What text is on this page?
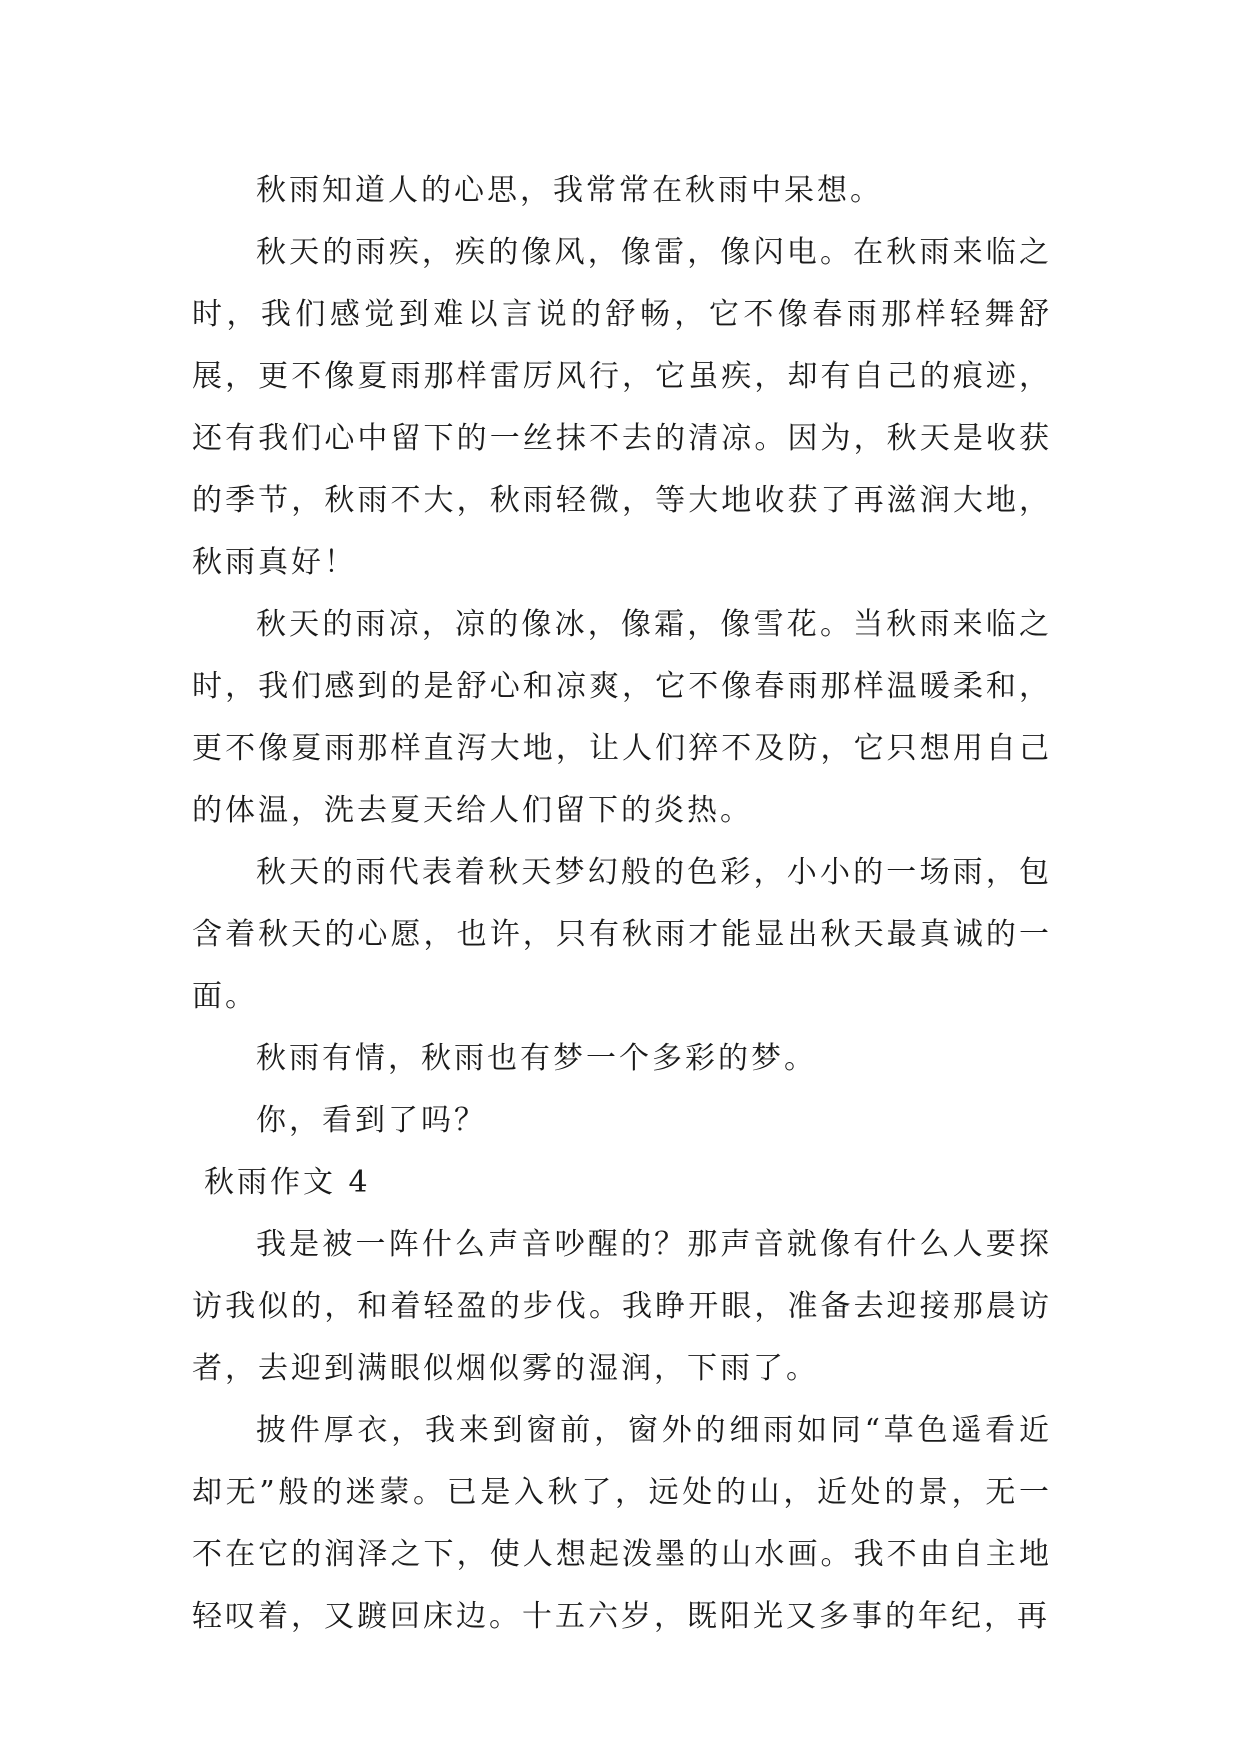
秋雨知道人的心思，我常常在秋雨中呆想。

秋天的雨疾，疾的像风，像雷，像闪电。在秋雨来临之时，我们感觉到难以言说的舒畅，它不像春雨那样轻舞舒展，更不像夏雨那样雷厉风行，它虽疾，却有自己的痕迹，还有我们心中留下的一丝抹不去的清凉。因为，秋天是收获的季节，秋雨不大，秋雨轻微，等大地收获了再滋润大地，秋雨真好！

秋天的雨凉，凉的像冰，像霜，像雪花。当秋雨来临之时，我们感到的是舒心和凉爽，它不像春雨那样温暖柔和，更不像夏雨那样直泻大地，让人们猝不及防，它只想用自己的体温，洗去夏天给人们留下的炎热。

秋天的雨代表着秋天梦幻般的色彩，小小的一场雨，包含着秋天的心愿，也许，只有秋雨才能显出秋天最真诚的一面。

秋雨有情，秋雨也有梦一个多彩的梦。

你，看到了吗？

秋雨作文 4

我是被一阵什么声音吵醒的？那声音就像有什么人要探访我似的，和着轻盈的步伐。我睁开眼，准备去迎接那晨访者，去迎到满眼似烟似雾的湿润，下雨了。

披件厚衣，我来到窗前，窗外的细雨如同“草色遥看近却无”般的迷蒙。已是入秋了，远处的山，近处的景，无一不在它的润泽之下，使人想起泼墨的山水画。我不由自主地轻叹着，又踱回床边。十五六岁，既阳光又多事的年纪，再
